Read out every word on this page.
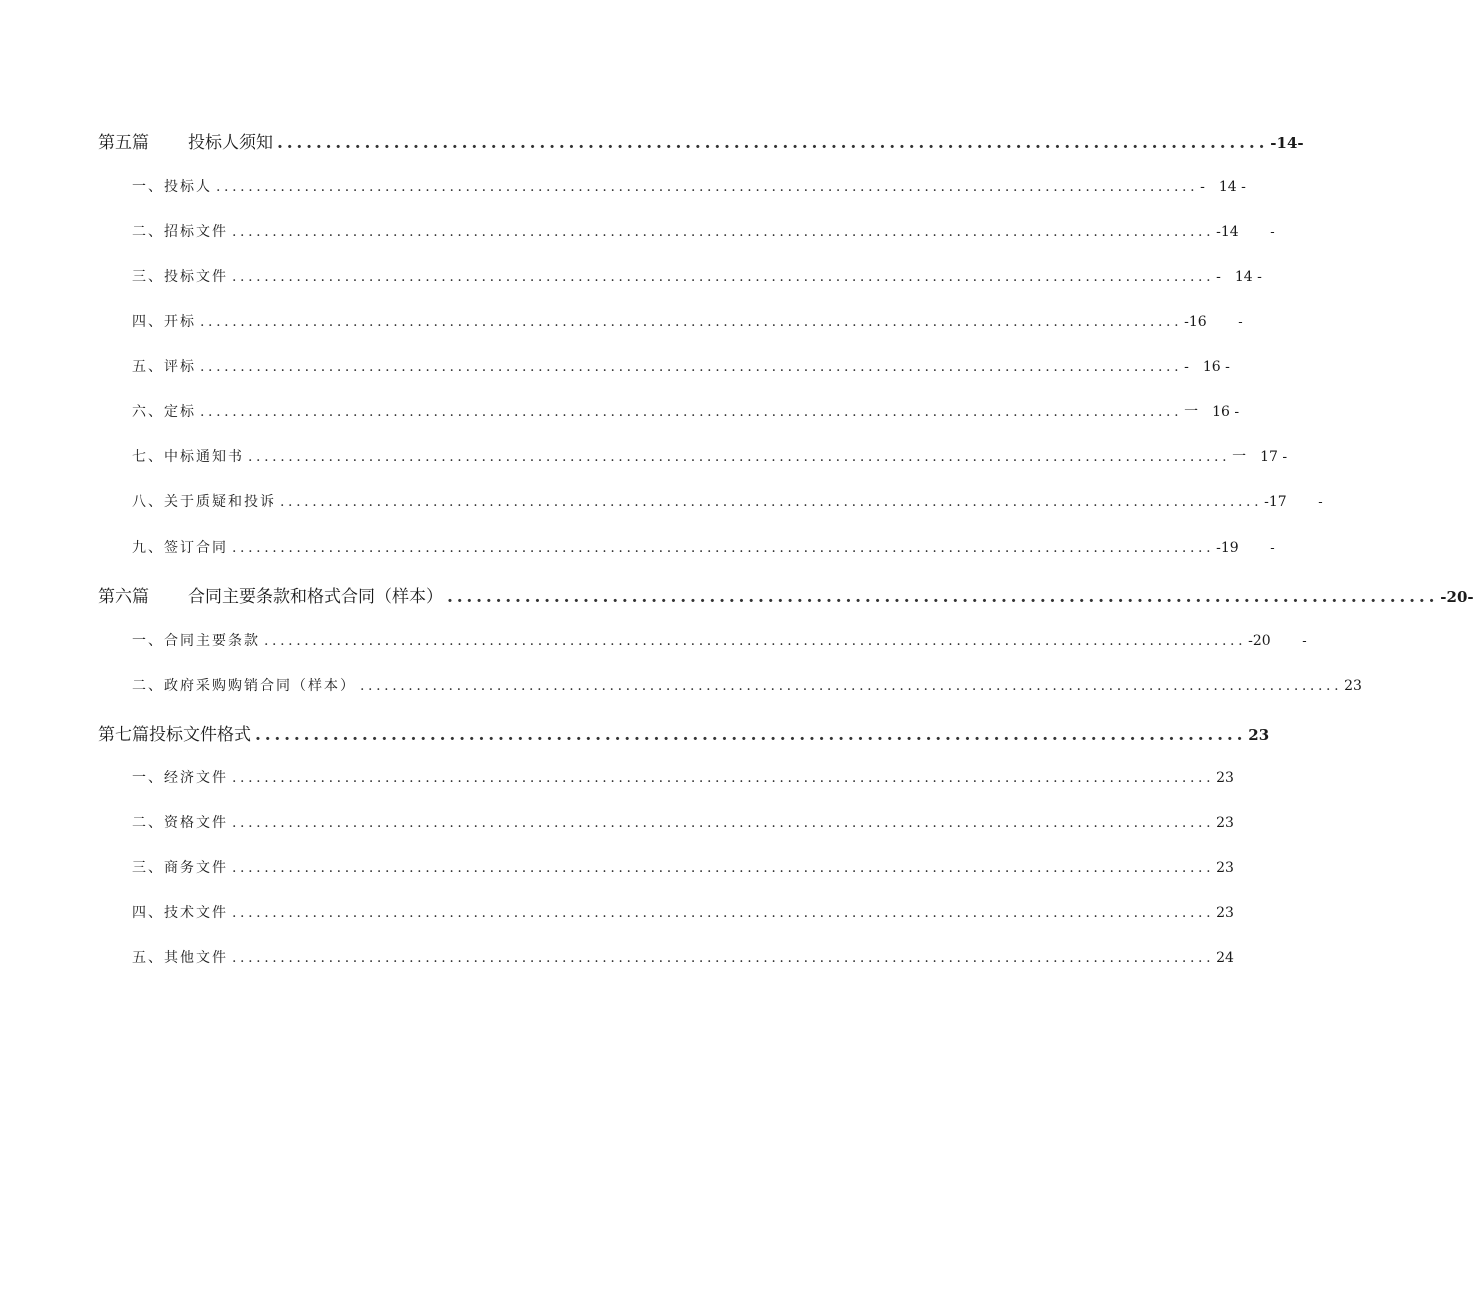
第五篇	投标人须知 ...................................................................................................... -14-
一、投标人 .......................................................................................................................... -　14 -
二、招标文件 .......................................................................................................................... -14	-
三、投标文件 .......................................................................................................................... -　14 -
四、开标 .......................................................................................................................... -16	-
五、评标 .......................................................................................................................... -　16 -
六、定标 .......................................................................................................................... 一　16 -
七、中标通知书 .......................................................................................................................... 一　17 -
八、关于质疑和投诉 .......................................................................................................................... -17	-
九、签订合同 .......................................................................................................................... -19	-
第六篇	合同主要条款和格式合同（样本） ...................................................................................................... -20-
一、合同主要条款 .......................................................................................................................... -20	-
二、政府采购购销合同（样本） .......................................................................................................................... 23
第七篇投标文件格式 ...................................................................................................... 23
一、经济文件 .......................................................................................................................... 23
二、资格文件 .......................................................................................................................... 23
三、商务文件 .......................................................................................................................... 23
四、技术文件 .......................................................................................................................... 23
五、其他文件 .......................................................................................................................... 24
